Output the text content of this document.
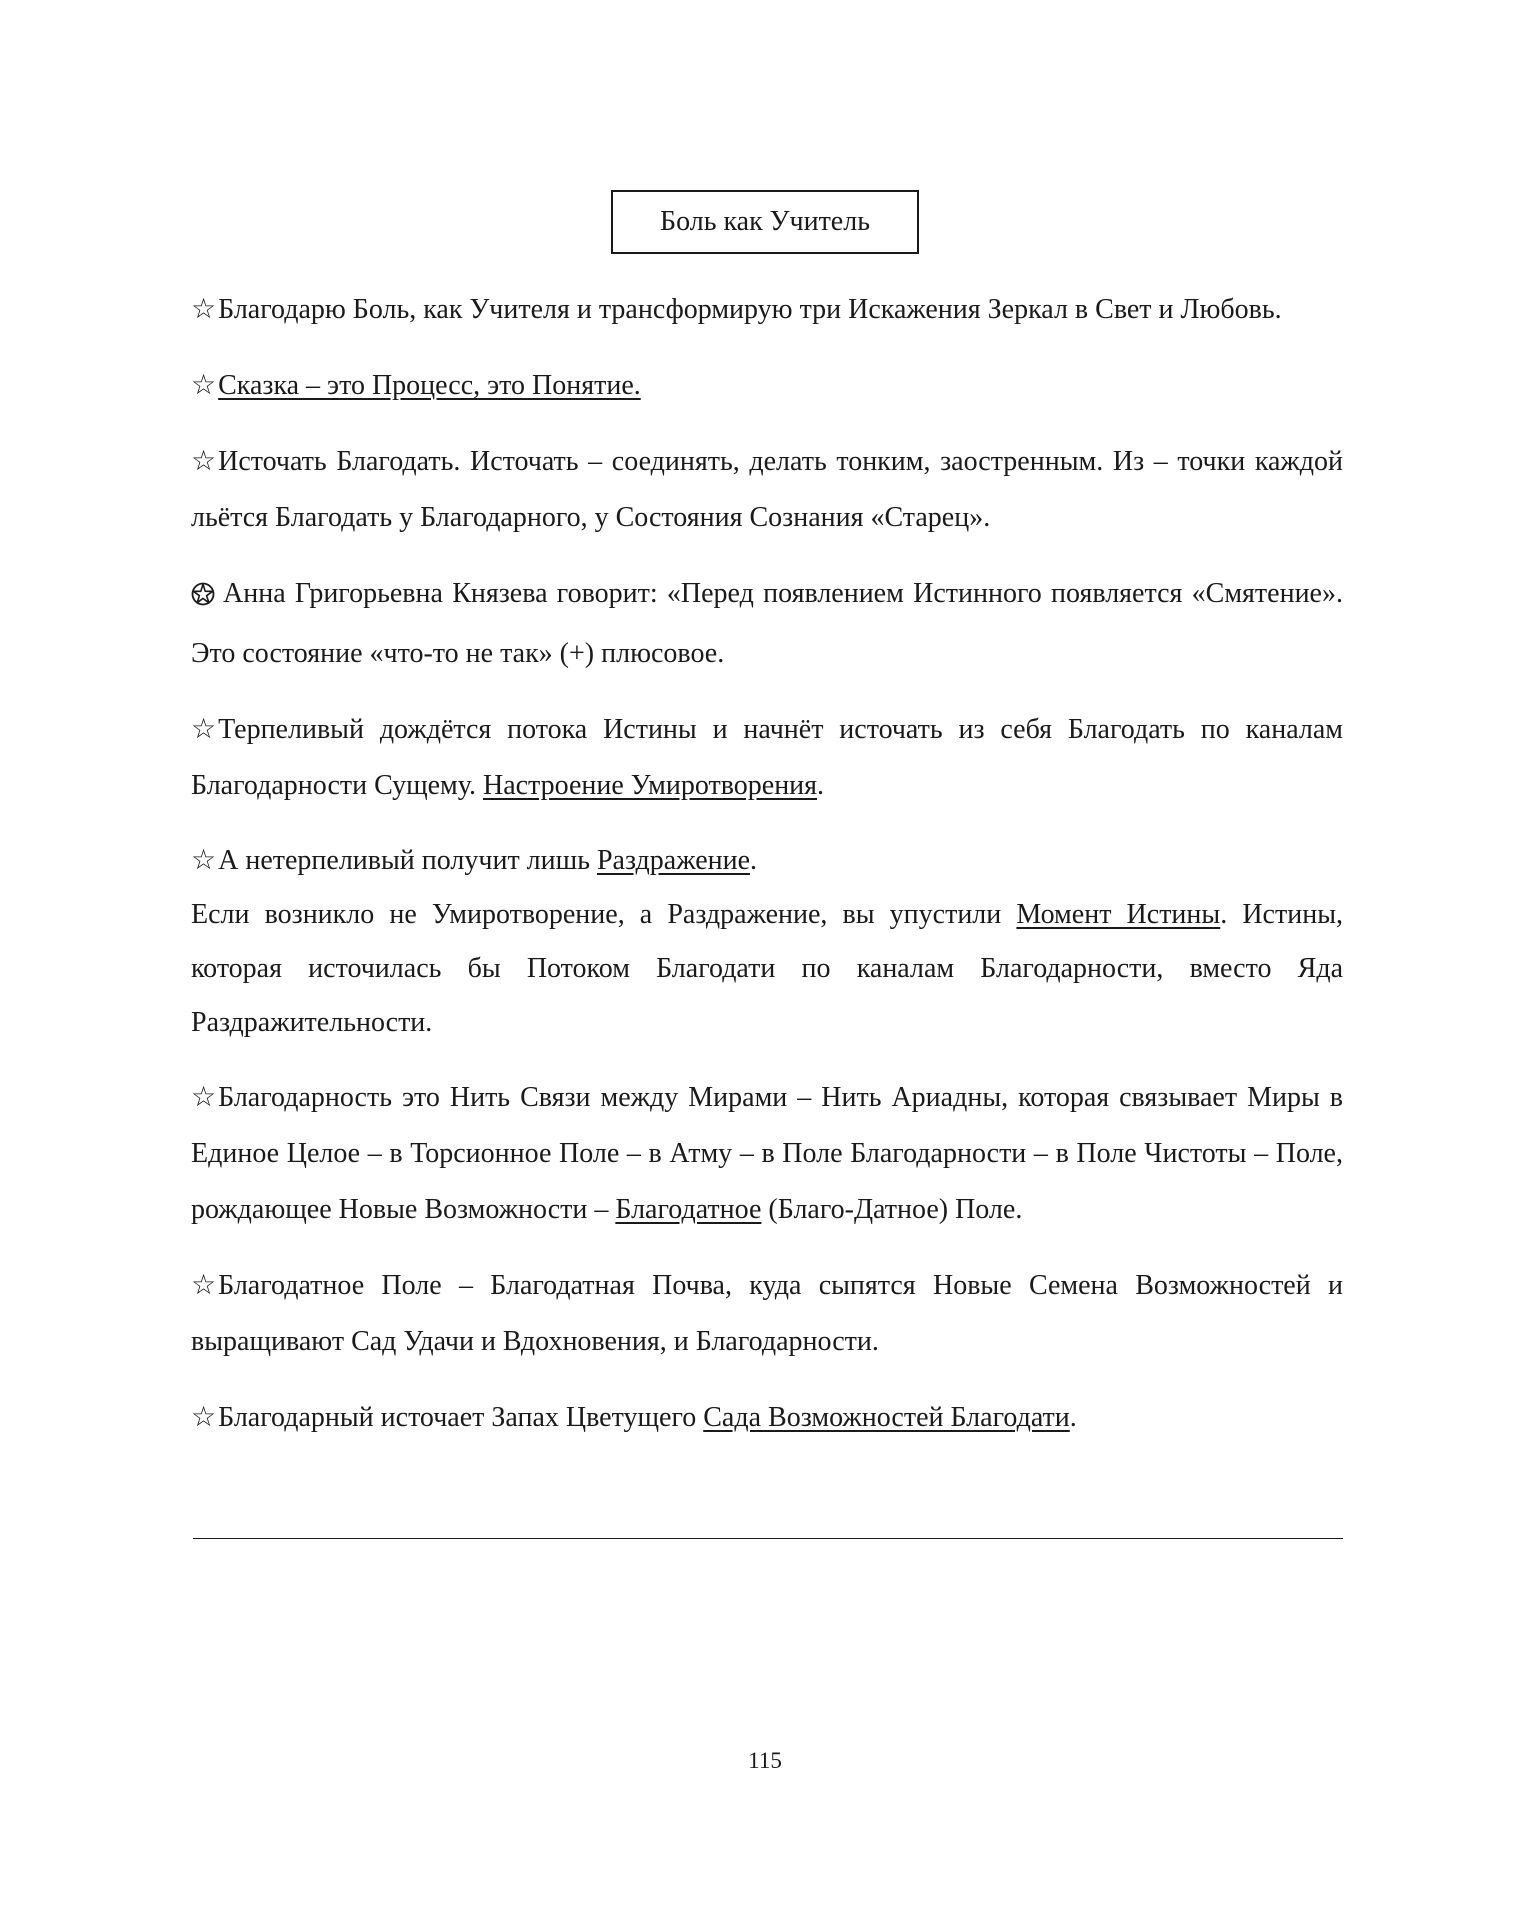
Боль как Учитель

☆Благодарю Боль, как Учителя и трансформирую три Искажения Зеркал в Свет и Любовь.

☆Сказка – это Процесс, это Понятие.

☆Источать Благодать. Источать – соединять, делать тонким, заостренным. Из – точки каждой льётся Благодать у Благодарного, у Состояния Сознания «Старец».

Анна Григорьевна Князева говорит: «Перед появлением Истинного появляется «Смятение». Это состояние «что-то не так» (+) плюсовое.

☆Терпеливый дождётся потока Истины и начнёт источать из себя Благодать по каналам Благодарности Сущему. Настроение Умиротворения.

☆А нетерпеливый получит лишь Раздражение.

Если возникло не Умиротворение, а Раздражение, вы упустили Момент Истины. Истины, которая источилась бы Потоком Благодати по каналам Благодарности, вместо Яда Раздражительности.

☆Благодарность это Нить Связи между Мирами – Нить Ариадны, которая связывает Миры в Единое Целое – в Торсионное Поле – в Атму – в Поле Благодарности – в Поле Чистоты – Поле, рождающее Новые Возможности – Благодатное (Благо-Датное) Поле.

☆Благодатное Поле – Благодатная Почва, куда сыпятся Новые Семена Возможностей и выращивают Сад Удачи и Вдохновения, и Благодарности.

☆Благодарный источает Запах Цветущего Сада Возможностей Благодати.

115
